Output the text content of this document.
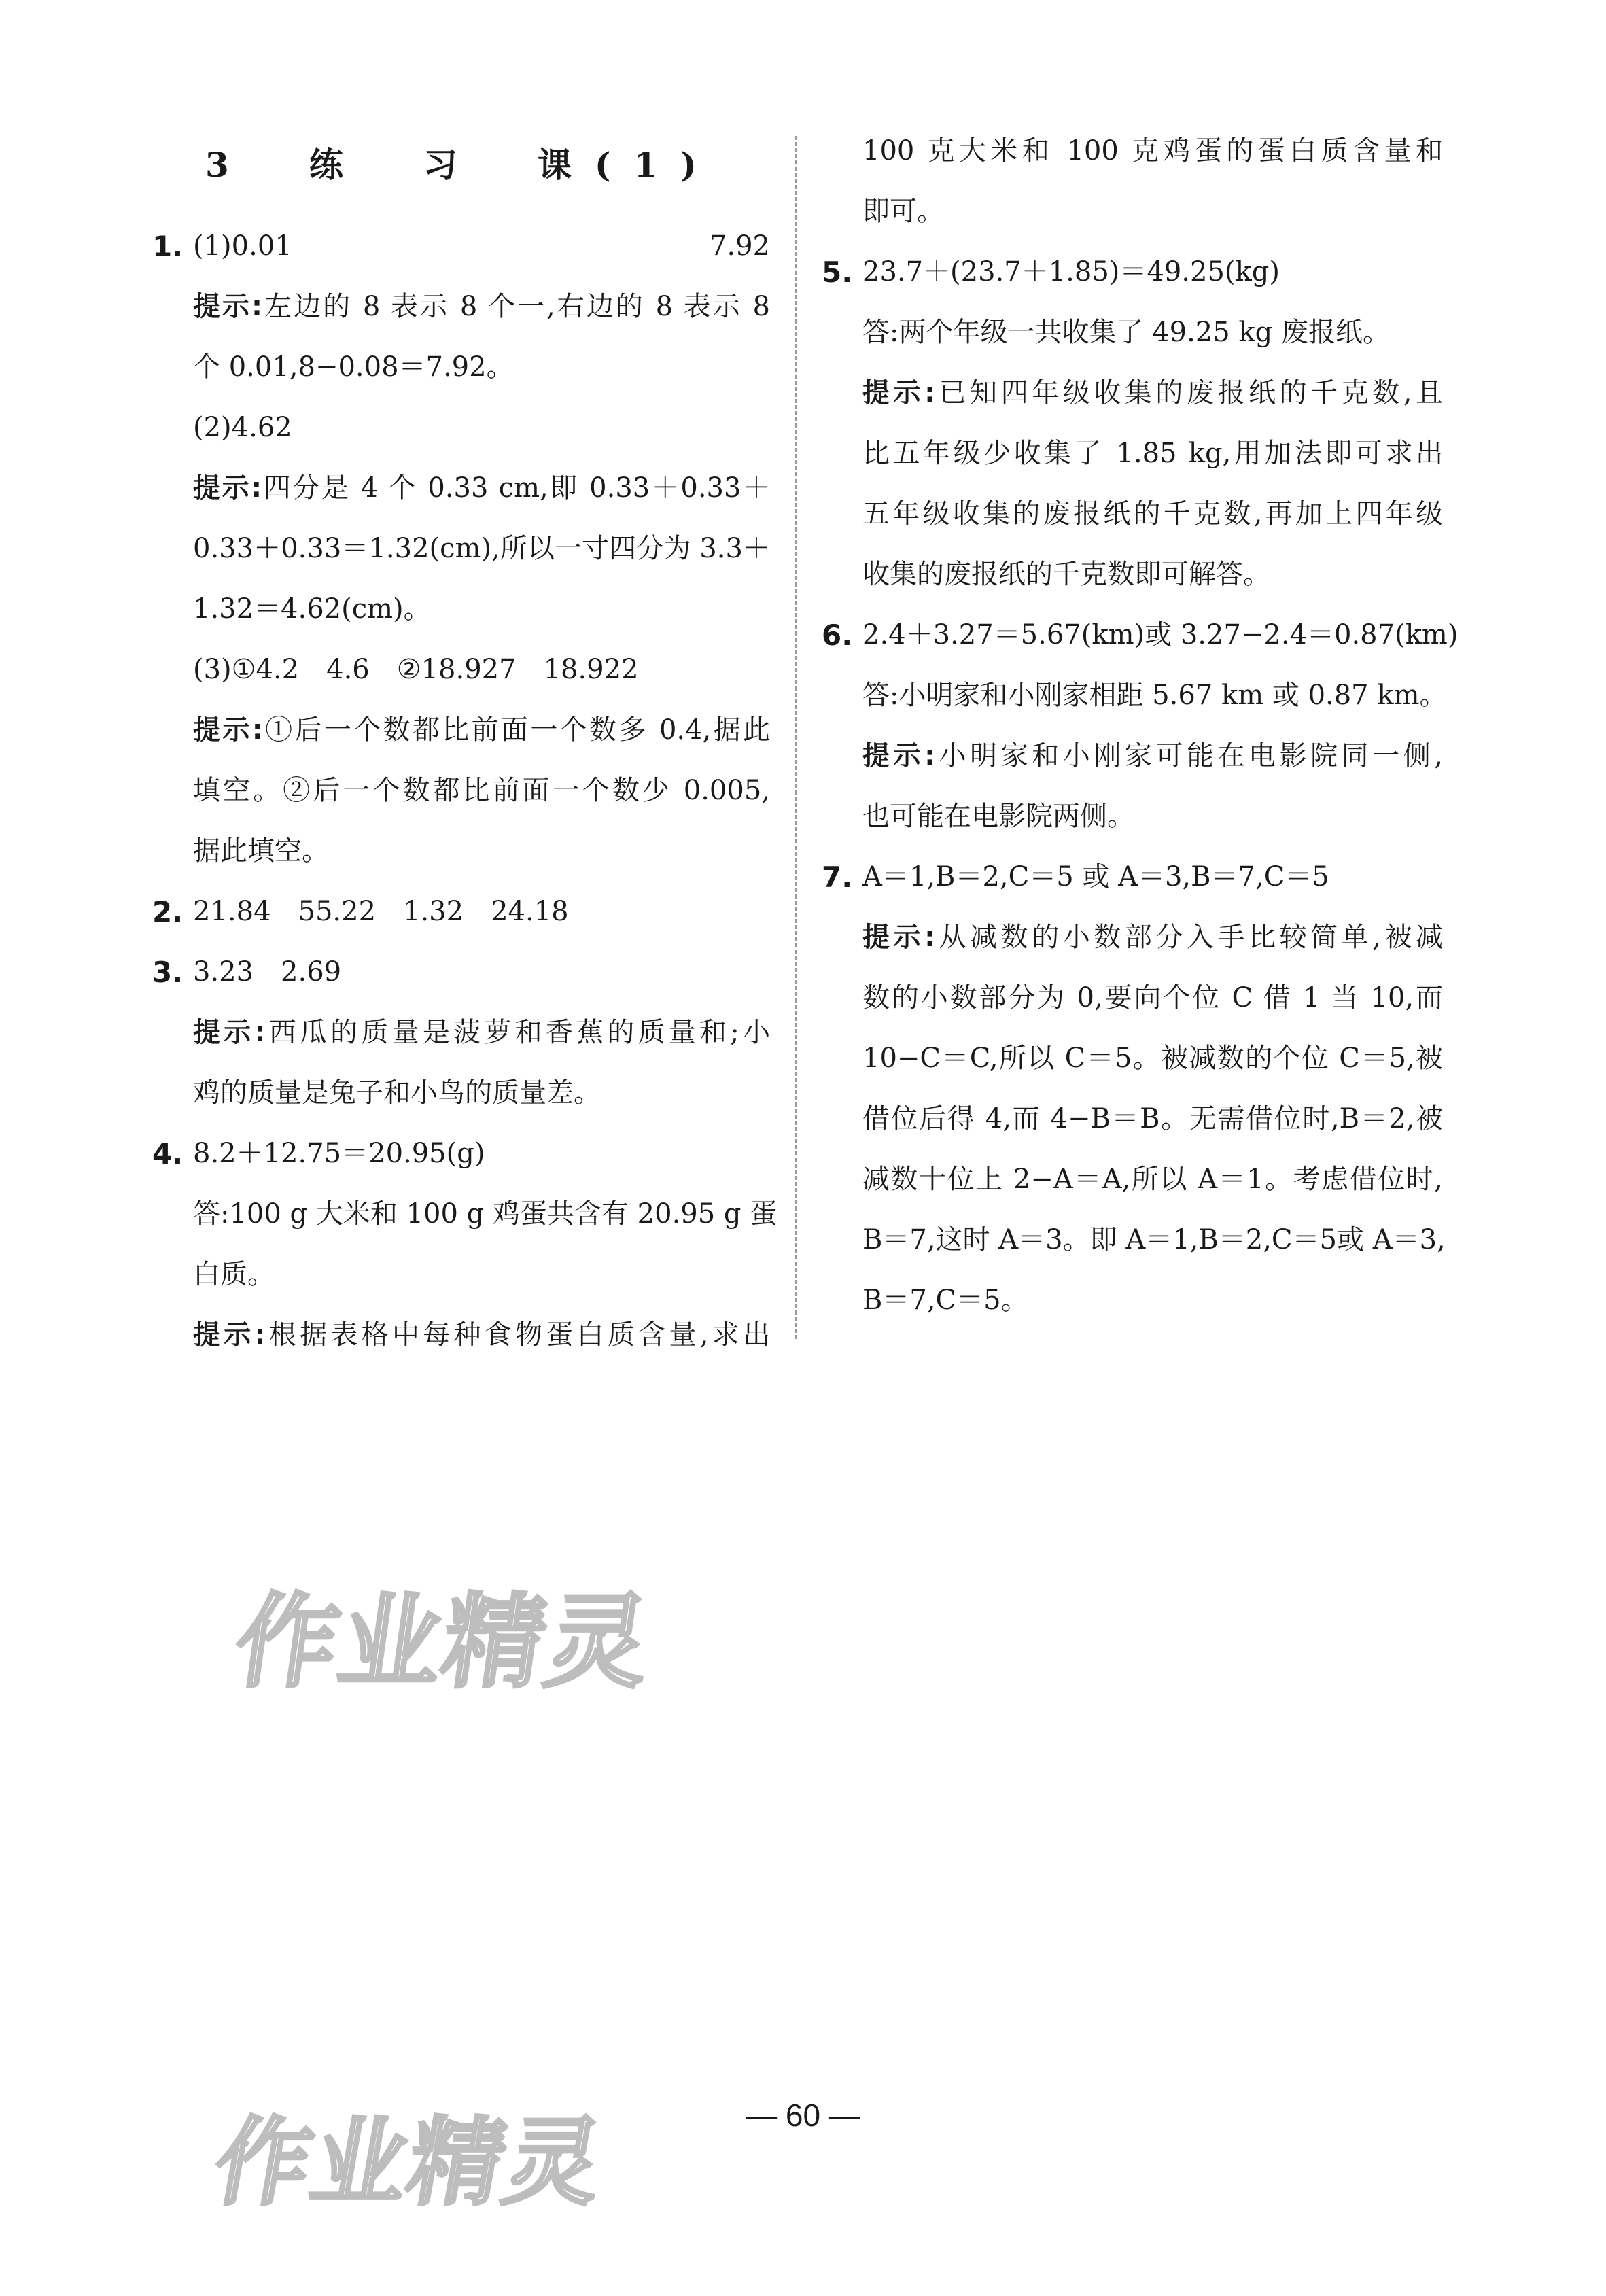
3　练　习　课(1)
1. (1)0.01　7.92
提示:左边的 8 表示 8 个一,右边的 8 表示 8
个 0.01,8−0.08＝7.92。
(2)4.62
提示:四分是 4 个 0.33 cm,即 0.33＋0.33＋
0.33＋0.33＝1.32(cm),所以一寸四分为 3.3＋
1.32＝4.62(cm)。
(3)①4.2　4.6　②18.927　18.922
提示:①后一个数都比前面一个数多 0.4,据此
填空。②后一个数都比前面一个数少 0.005,
据此填空。
2. 21.84　55.22　1.32　24.18
3. 3.23　2.69
提示:西瓜的质量是菠萝和香蕉的质量和;小
鸡的质量是兔子和小鸟的质量差。
4. 8.2＋12.75＝20.95(g)
答:100 g 大米和 100 g 鸡蛋共含有 20.95 g 蛋
白质。
提示:根据表格中每种食物蛋白质含量,求出
100 克大米和 100 克鸡蛋的蛋白质含量和
即可。
5. 23.7＋(23.7＋1.85)＝49.25(kg)
答:两个年级一共收集了 49.25 kg 废报纸。
提示:已知四年级收集的废报纸的千克数,且
比五年级少收集了 1.85 kg,用加法即可求出
五年级收集的废报纸的千克数,再加上四年级
收集的废报纸的千克数即可解答。
6. 2.4＋3.27＝5.67(km)或 3.27−2.4＝0.87(km)
答:小明家和小刚家相距 5.67 km 或 0.87 km。
提示:小明家和小刚家可能在电影院同一侧,
也可能在电影院两侧。
7. A＝1,B＝2,C＝5 或 A＝3,B＝7,C＝5
提示:从减数的小数部分入手比较简单,被减
数的小数部分为 0,要向个位 C 借 1 当 10,而
10−C＝C,所以 C＝5。被减数的个位 C＝5,被
借位后得 4,而 4−B＝B。无需借位时,B＝2,被
减数十位上 2−A＝A,所以 A＝1。考虑借位时,
B＝7,这时 A＝3。即 A＝1,B＝2,C＝5或 A＝3,
B＝7,C＝5。
作业精灵
作业精灵	— 60 —
